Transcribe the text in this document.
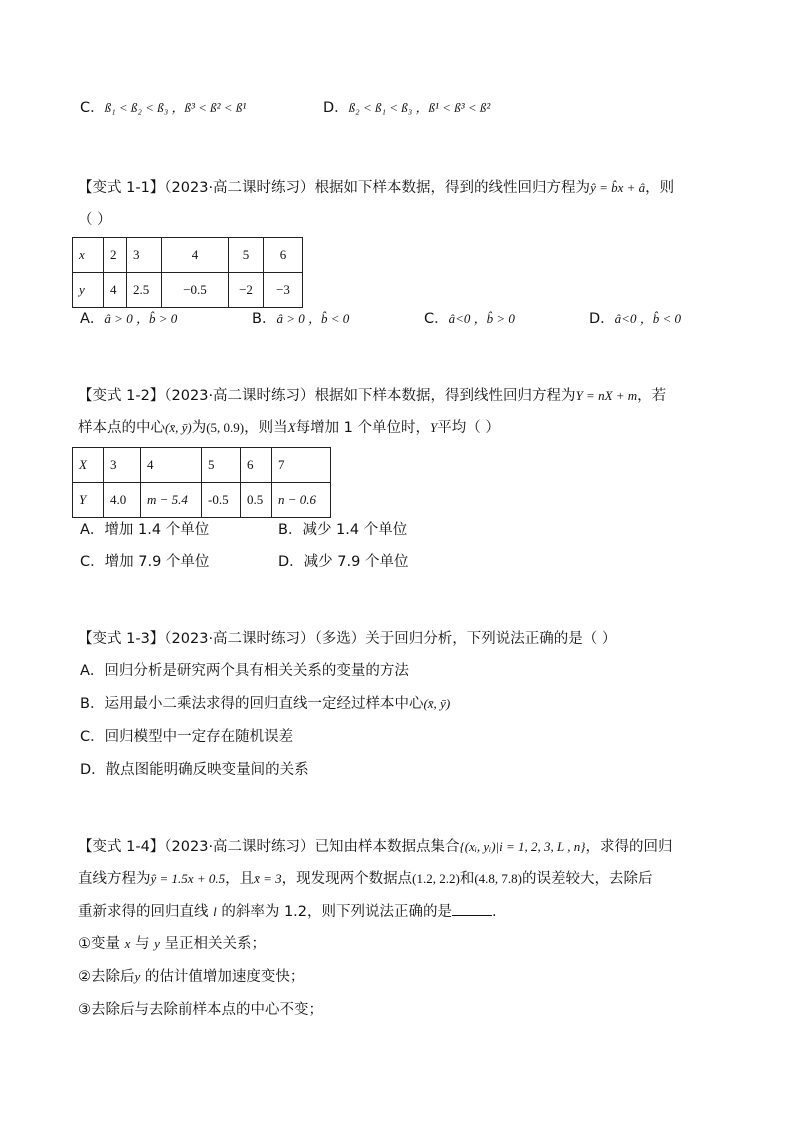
C．ß₁ < ß₂ < ß₃ ，ß³ < ß² < ß¹	D．ß₂ < ß₁ < ß₃ ，ß¹ < ß³ < ß²
【变式 1-1】（2023·高二课时练习）根据如下样本数据，得到的线性回归方程为ŷ = b̂x + â，则
（ ）
x	2	3	4	5	6
y	4	2.5	−0.5	−2	−3
A．â > 0 ，b̂ > 0	B．â > 0 ，b̂ < 0	C．â<0 ，b̂ > 0	D．â<0 ，b̂ < 0
【变式 1-2】（2023·高二课时练习）根据如下样本数据，得到线性回归方程为Y = nX + m，若
样本点的中心(x̄, ȳ)为(5, 0.9)，则当X每增加 1 个单位时，Y平均（ ）
X	3	4	5	6	7
Y	4.0	m − 5.4	-0.5	0.5	n − 0.6
A．增加 1.4 个单位	B．减少 1.4 个单位
C．增加 7.9 个单位	D．减少 7.9 个单位
【变式 1-3】（2023·高二课时练习）（多选）关于回归分析，下列说法正确的是（ ）
A．回归分析是研究两个具有相关关系的变量的方法
B．运用最小二乘法求得的回归直线一定经过样本中心(x̄, ȳ)
C．回归模型中一定存在随机误差
D．散点图能明确反映变量间的关系
【变式 1-4】（2023·高二课时练习）已知由样本数据点集合{(xᵢ, yᵢ)|i = 1, 2, 3, L , n}，求得的回归
直线方程为ŷ = 1.5x + 0.5，且x̄ = 3，现发现两个数据点(1.2, 2.2)和(4.8, 7.8)的误差较大，去除后
重新求得的回归直线 l 的斜率为 1.2，则下列说法正确的是	.
①变量 x 与 y 呈正相关关系；
②去除后y 的估计值增加速度变快；
③去除后与去除前样本点的中心不变；
